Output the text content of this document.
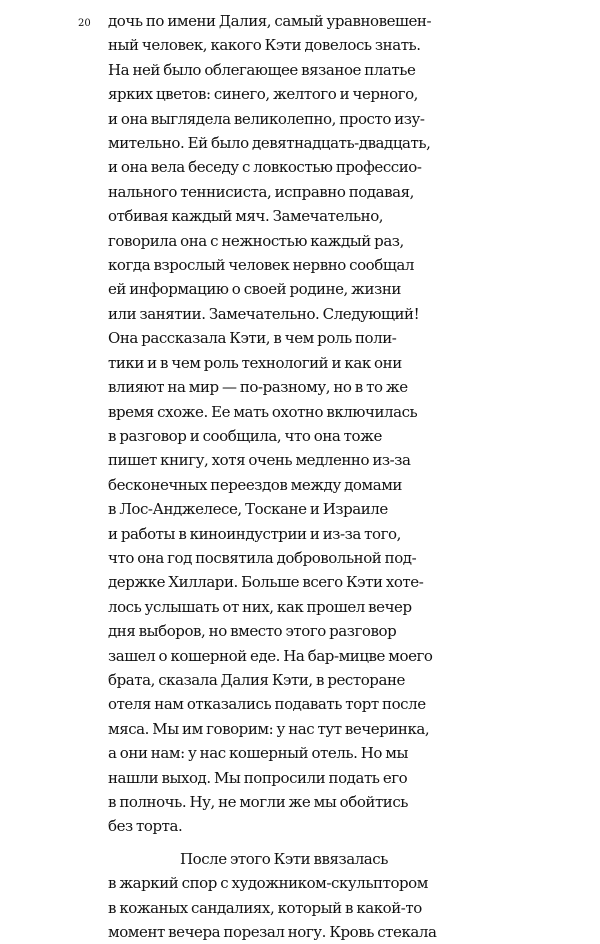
20 дочь по имени Далия, самый уравновешен-
ный человек, какого Кэти довелось знать.
На ней было облегающее вязаное платье
ярких цветов: синего, желтого и черного,
и она выглядела великолепно, просто изу-
мительно. Ей было девятнадцать-двадцать,
и она вела беседу с ловкостью профессио-
нального теннисиста, исправно подавая,
отбивая каждый мяч. Замечательно,
говорила она с нежностью каждый раз,
когда взрослый человек нервно сообщал
ей информацию о своей родине, жизни
или занятии. Замечательно. Следующий!
Она рассказала Кэти, в чем роль поли-
тики и в чем роль технологий и как они
влияют на мир — по-разному, но в то же
время схоже. Ее мать охотно включилась
в разговор и сообщила, что она тоже
пишет книгу, хотя очень медленно из-за
бесконечных переездов между домами
в Лос-Анджелесе, Тоскане и Израиле
и работы в киноиндустрии и из-за того,
что она год посвятила добровольной под-
держке Хиллари. Больше всего Кэти хоте-
лось услышать от них, как прошел вечер
дня выборов, но вместо этого разговор
зашел о кошерной еде. На бар-мицве моего
брата, сказала Далия Кэти, в ресторане
отеля нам отказались подавать торт после
мяса. Мы им говорим: у нас тут вечеринка,
а они нам: у нас кошерный отель. Но мы
нашли выход. Мы попросили подать его
в полночь. Ну, не могли же мы обойтись
без торта.
После этого Кэти ввязалась
в жаркий спор с художником-скульптором
в кожаных сандалиях, который в какой-то
момент вечера порезал ногу. Кровь стекала
